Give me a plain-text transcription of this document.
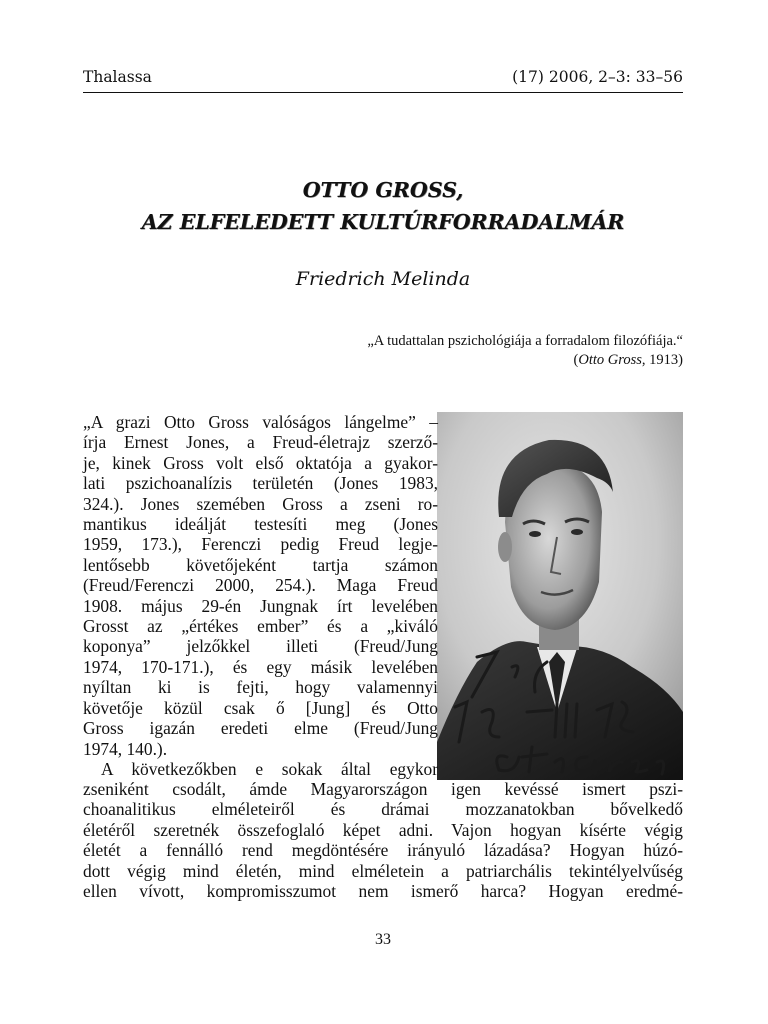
Thalassa	(17) 2006, 2–3: 33–56
OTTO GROSS,
AZ ELFELEDETT KULTÚRFORRADALMÁR
Friedrich Melinda
„A tudattalan pszichológiája a forradalom filozófiája.“
(Otto Gross, 1913)
„A grazi Otto Gross valóságos lángelme” –
írja Ernest Jones, a Freud-életrajz szerző-
je, kinek Gross volt első oktatója a gyakor-
lati pszichoanalízis területén (Jones 1983,
324.). Jones szemében Gross a zseni ro-
mantikus ideálját testesíti meg (Jones
1959, 173.), Ferenczi pedig Freud legje-
lentősebb követőjeként tartja számon
(Freud/Ferenczi 2000, 254.). Maga Freud
1908. május 29-én Jungnak írt levelében
Grosst az „értékes ember” és a „kiváló
koponya” jelzőkkel illeti (Freud/Jung
1974, 170-171.), és egy másik levelében
nyíltan ki is fejti, hogy valamennyi
követője közül csak ő [Jung] és Otto
Gross igazán eredeti elme (Freud/Jung
1974, 140.).
A következőkben e sokak által egykor
zseniként csodált, ámde Magyarországon igen kevéssé ismert pszi-
choanalitikus elméleteiről és drámai mozzanatokban bővelkedő
életéről szeretnék összefoglaló képet adni. Vajon hogyan kísérte végig
életét a fennálló rend megdöntésére irányuló lázadása? Hogyan húzó-
dott végig mind életén, mind elméletein a patriarchális tekintélyelvűség
ellen vívott, kompromisszumot nem ismerő harca? Hogyan eredmé-
33
